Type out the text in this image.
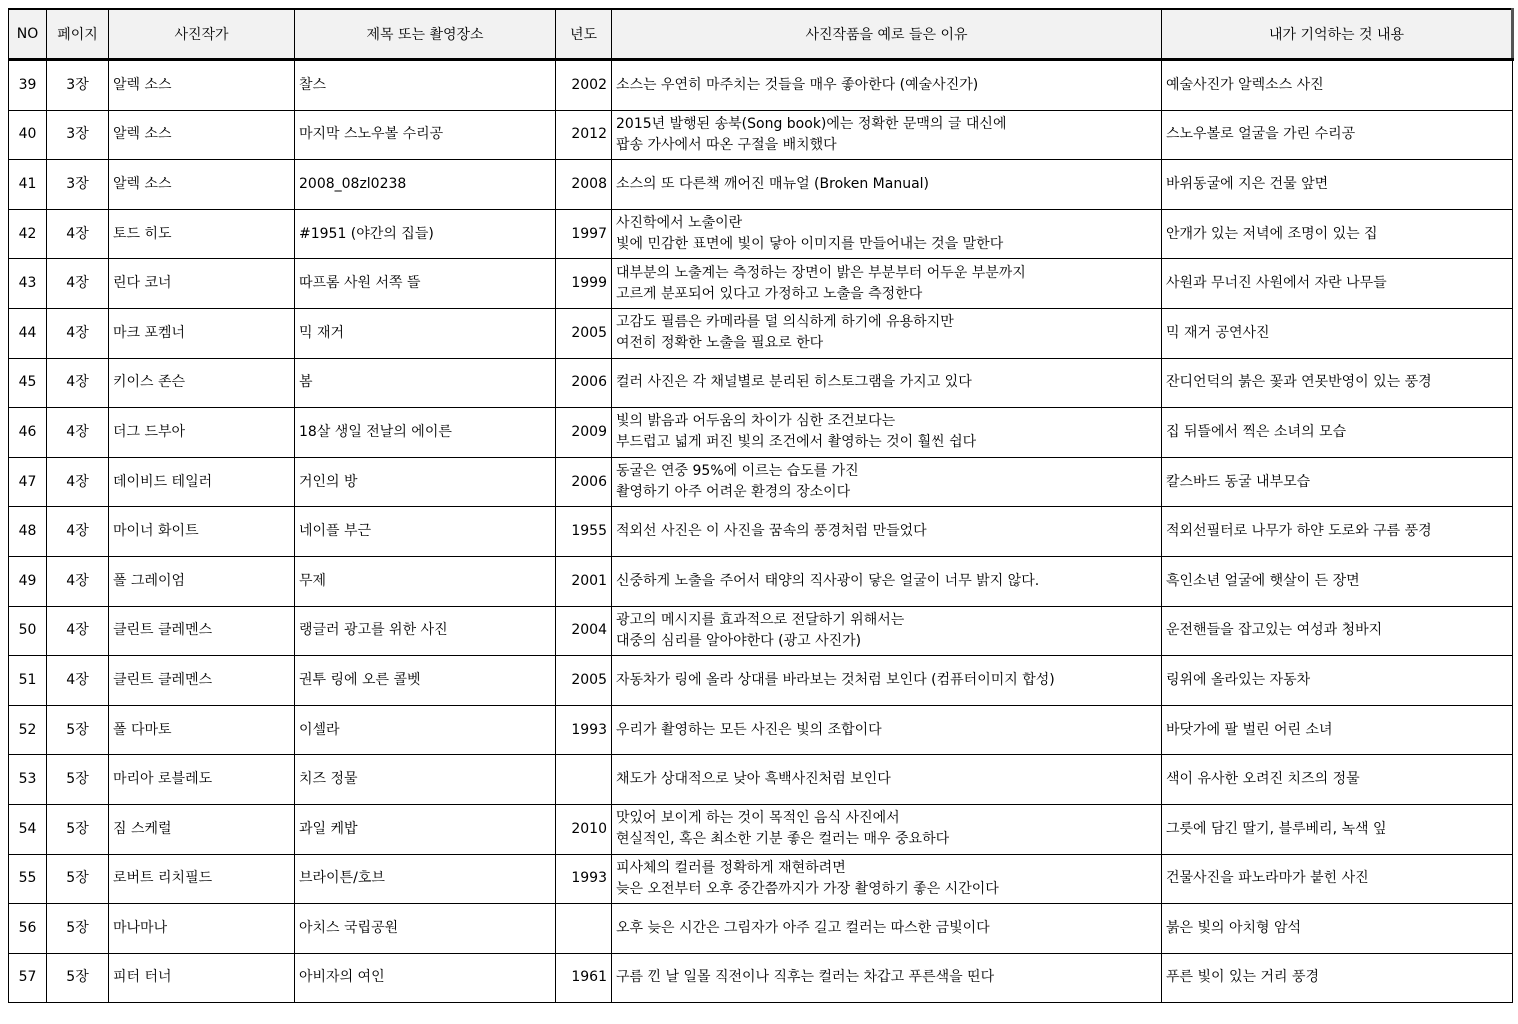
NO	페이지	사진작가	제목 또는 촬영장소	년도	사진작품을 예로 들은 이유	내가 기억하는 것 내용
39	3장	알렉 소스	찰스	2002	소스는 우연히 마주치는 것들을 매우 좋아한다 (예술사진가)	예술사진가 알렉소스 사진
40	3장	알렉 소스	마지막 스노우볼 수리공	2012	2015년 발행된 송북(Song book)에는 정확한 문맥의 글 대신에
팝송 가사에서 따온 구절을 배치했다	스노우볼로 얼굴을 가린 수리공
41	3장	알렉 소스	2008_08zl0238	2008	소스의 또 다른책 깨어진 매뉴얼 (Broken Manual)	바위동굴에 지은 건물 앞면
42	4장	토드 히도	#1951 (야간의 집들)	1997	사진학에서 노출이란
빛에 민감한 표면에 빛이 닿아 이미지를 만들어내는 것을 말한다	안개가 있는 저녁에 조명이 있는 집
43	4장	린다 코너	따프롬 사원 서쪽 뜰	1999	대부분의 노출계는 측정하는 장면이 밝은 부분부터 어두운 부분까지
고르게 분포되어 있다고 가정하고 노출을 측정한다	사원과 무너진 사원에서 자란 나무들
44	4장	마크 포켐너	믹 재거	2005	고감도 필름은 카메라를 덜 의식하게 하기에 유용하지만
여전히 정확한 노출을 필요로 한다	믹 재거 공연사진
45	4장	키이스 존슨	봄	2006	컬러 사진은 각 채널별로 분리된 히스토그램을 가지고 있다	잔디언덕의 붉은 꽃과 연못반영이 있는 풍경
46	4장	더그 드부아	18살 생일 전날의 에이른	2009	빛의 밝음과 어두움의 차이가 심한 조건보다는
부드럽고 넓게 퍼진 빛의 조건에서 촬영하는 것이 훨씬 쉽다	집 뒤뜰에서 찍은 소녀의 모습
47	4장	데이비드 테일러	거인의 방	2006	동굴은 연중 95%에 이르는 습도를 가진
촬영하기 아주 어려운 환경의 장소이다	칼스바드 동굴 내부모습
48	4장	마이너 화이트	네이플 부근	1955	적외선 사진은 이 사진을 꿈속의 풍경처럼 만들었다	적외선필터로 나무가 하얀 도로와 구름 풍경
49	4장	폴 그레이엄	무제	2001	신중하게 노출을 주어서 태양의 직사광이 닿은 얼굴이 너무 밝지 않다.	흑인소년 얼굴에 햇살이 든 장면
50	4장	클린트 클레멘스	랭글러 광고를 위한 사진	2004	광고의 메시지를 효과적으로 전달하기 위해서는
대중의 심리를 알아야한다 (광고 사진가)	운전핸들을 잡고있는 여성과 청바지
51	4장	클린트 클레멘스	권투 링에 오른 콜벳	2005	자동차가 링에 올라 상대를 바라보는 것처럼 보인다 (컴퓨터이미지 합성)	링위에 올라있는 자동차
52	5장	폴 다마토	이셀라	1993	우리가 촬영하는 모든 사진은 빛의 조합이다	바닷가에 팔 벌린 어린 소녀
53	5장	마리아 로블레도	치즈 정물		채도가 상대적으로 낮아 흑백사진처럼 보인다	색이 유사한 오려진 치즈의 정물
54	5장	짐 스케럴	과일 케밥	2010	맛있어 보이게 하는 것이 목적인 음식 사진에서
현실적인, 혹은 최소한 기분 좋은 컬러는 매우 중요하다	그릇에 담긴 딸기, 블루베리, 녹색 잎
55	5장	로버트 리치필드	브라이튼/호브	1993	피사체의 컬러를 정확하게 재현하려면
늦은 오전부터 오후 중간쯤까지가 가장 촬영하기 좋은 시간이다	건물사진을 파노라마가 붙힌 사진
56	5장	마나마나	아치스 국립공원		오후 늦은 시간은 그림자가 아주 길고 컬러는 따스한 금빛이다	붉은 빛의 아치형 암석
57	5장	피터 터너	아비자의 여인	1961	구름 낀 날 일몰 직전이나 직후는 컬러는 차갑고 푸른색을 띤다	푸른 빛이 있는 거리 풍경
